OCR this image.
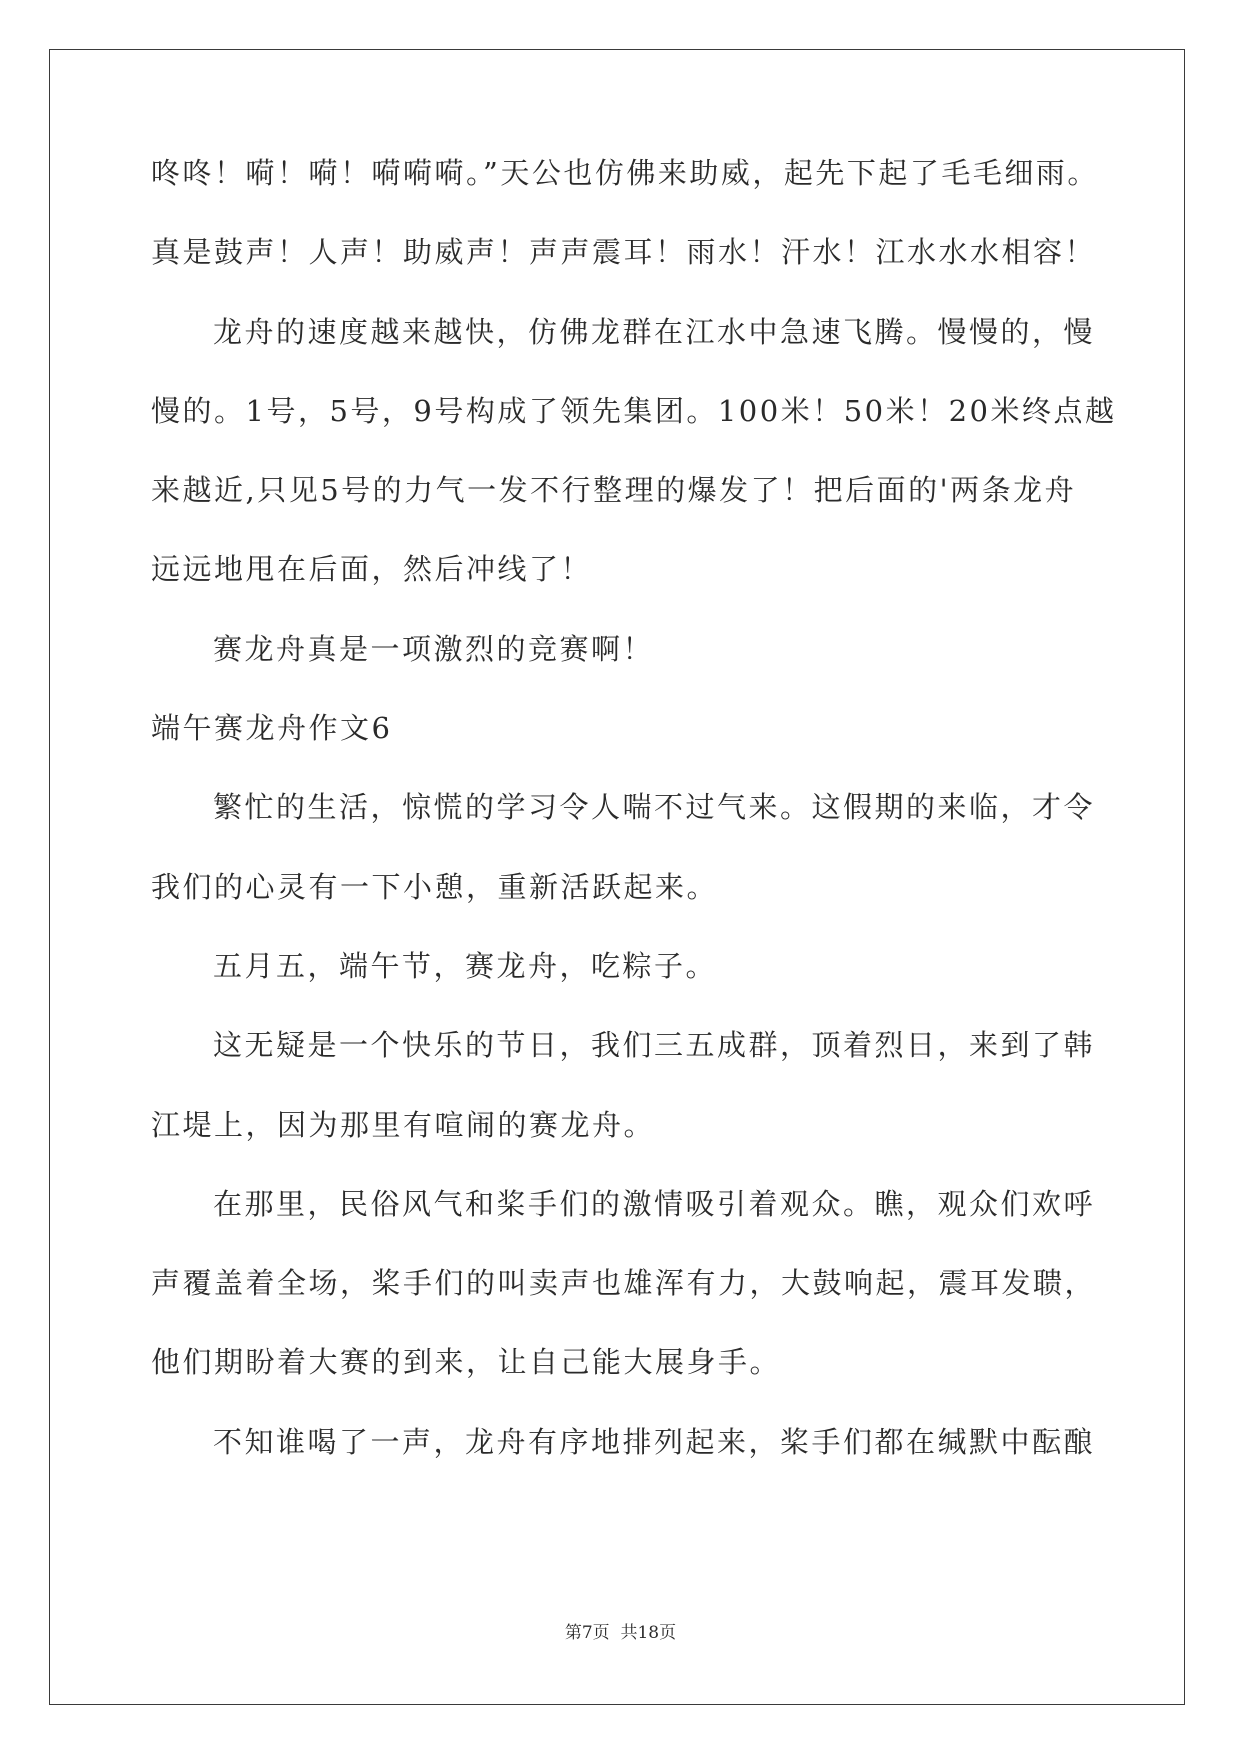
咚咚！嗬！嗬！嗬嗬嗬。”天公也仿佛来助威，起先下起了毛毛细雨。
真是鼓声！人声！助威声！声声震耳！雨水！汗水！江水水水相容！
龙舟的速度越来越快，仿佛龙群在江水中急速飞腾。慢慢的，慢
慢的。1号，5号，9号构成了领先集团。100米！50米！20米终点越
来越近,只见5号的力气一发不行整理的爆发了！把后面的'两条龙舟
远远地甩在后面，然后冲线了！
赛龙舟真是一项激烈的竞赛啊！
端午赛龙舟作文6
繁忙的生活，惊慌的学习令人喘不过气来。这假期的来临，才令
我们的心灵有一下小憩，重新活跃起来。
五月五，端午节，赛龙舟，吃粽子。
这无疑是一个快乐的节日，我们三五成群，顶着烈日，来到了韩
江堤上，因为那里有喧闹的赛龙舟。
在那里，民俗风气和桨手们的激情吸引着观众。瞧，观众们欢呼
声覆盖着全场，桨手们的叫卖声也雄浑有力，大鼓响起，震耳发聩，
他们期盼着大赛的到来，让自己能大展身手。
不知谁喝了一声，龙舟有序地排列起来，桨手们都在缄默中酝酿
第7页  共18页
